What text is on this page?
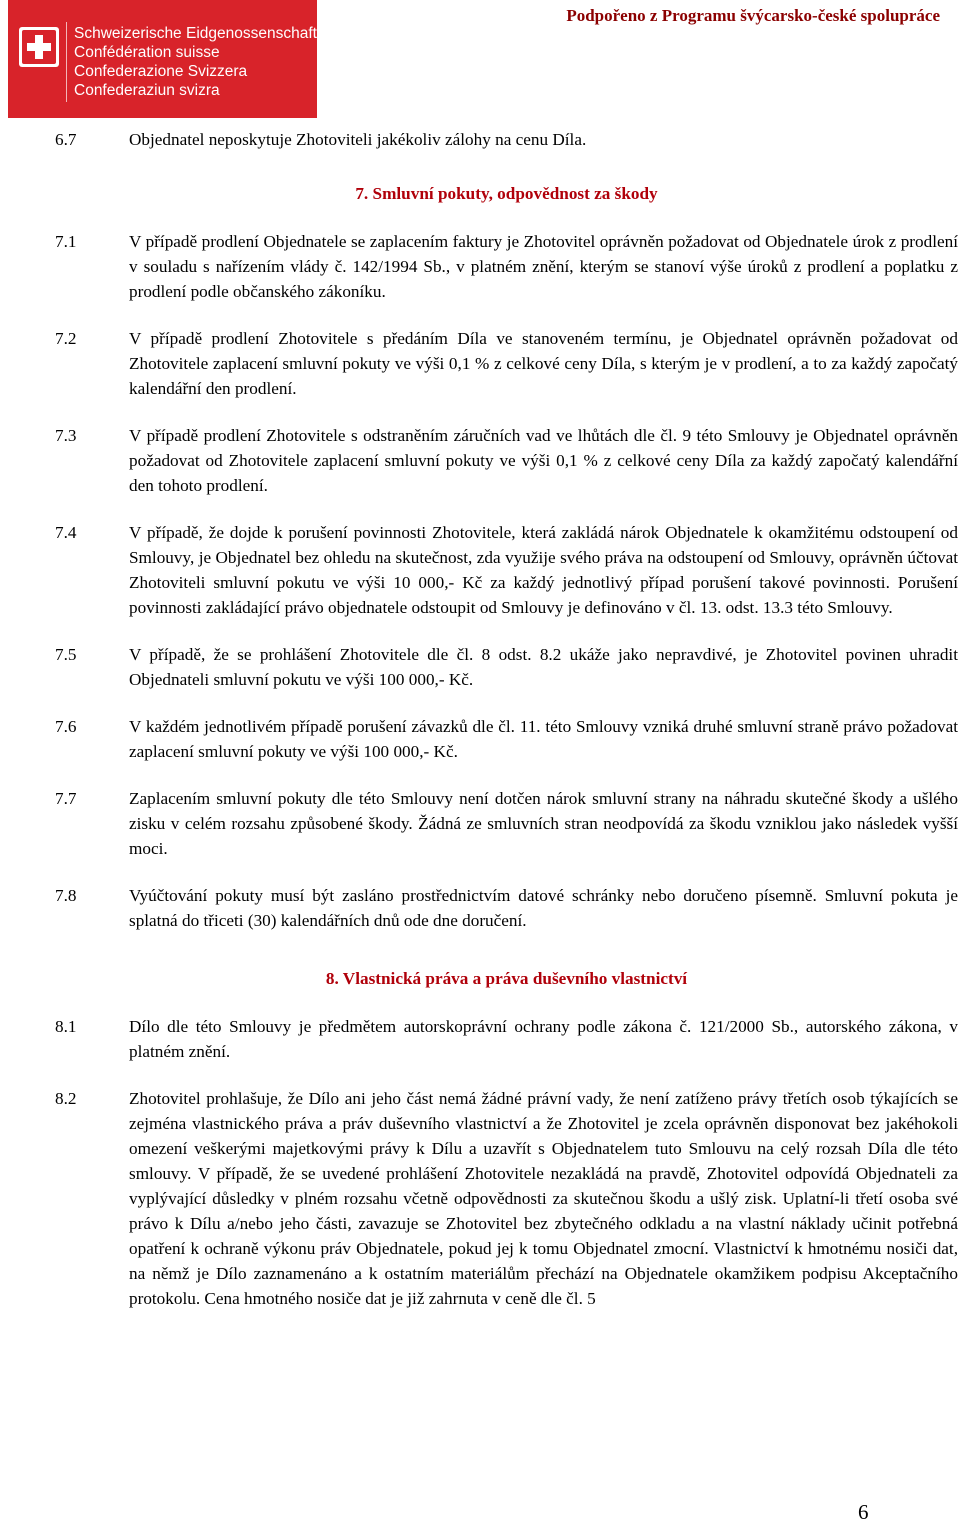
Schweizerische Eidgenossenschaft
Confédération suisse
Confederazione Svizzera
Confederaziun svizra
Podpořeno z Programu švýcarsko-české spolupráce
6.7	Objednatel neposkytuje Zhotoviteli jakékoliv zálohy na cenu Díla.
7. Smluvní pokuty, odpovědnost za škody
7.1	V případě prodlení Objednatele se zaplacením faktury je Zhotovitel oprávněn požadovat od Objednatele úrok z prodlení v souladu s nařízením vlády č. 142/1994 Sb., v platném znění, kterým se stanoví výše úroků z prodlení a poplatku z prodlení podle občanského zákoníku.
7.2	V případě prodlení Zhotovitele s předáním Díla ve stanoveném termínu, je Objednatel oprávněn požadovat od Zhotovitele zaplacení smluvní pokuty ve výši 0,1 % z celkové ceny Díla, s kterým je v prodlení, a to za každý započatý kalendářní den prodlení.
7.3	V případě prodlení Zhotovitele s odstraněním záručních vad ve lhůtách dle čl. 9 této Smlouvy je Objednatel oprávněn požadovat od Zhotovitele zaplacení smluvní pokuty ve výši 0,1 % z celkové ceny Díla za každý započatý kalendářní den tohoto prodlení.
7.4	V případě, že dojde k porušení povinnosti Zhotovitele, která zakládá nárok Objednatele k okamžitému odstoupení od Smlouvy, je Objednatel bez ohledu na skutečnost, zda využije svého práva na odstoupení od Smlouvy, oprávněn účtovat Zhotoviteli smluvní pokutu ve výši 10 000,- Kč za každý jednotlivý případ porušení takové povinnosti. Porušení povinnosti zakládající právo objednatele odstoupit od Smlouvy je definováno v čl. 13. odst. 13.3 této Smlouvy.
7.5	V případě, že se prohlášení Zhotovitele dle čl. 8 odst. 8.2 ukáže jako nepravdivé, je Zhotovitel povinen uhradit Objednateli smluvní pokutu ve výši 100 000,- Kč.
7.6	V každém jednotlivém případě porušení závazků dle čl. 11. této Smlouvy vzniká druhé smluvní straně právo požadovat zaplacení smluvní pokuty ve výši 100 000,- Kč.
7.7	Zaplacením smluvní pokuty dle této Smlouvy není dotčen nárok smluvní strany na náhradu skutečné škody a ušlého zisku v celém rozsahu způsobené škody. Žádná ze smluvních stran neodpovídá za škodu vzniklou jako následek vyšší moci.
7.8	Vyúčtování pokuty musí být zasláno prostřednictvím datové schránky nebo doručeno písemně. Smluvní pokuta je splatná do třiceti (30) kalendářních dnů ode dne doručení.
8. Vlastnická práva a práva duševního vlastnictví
8.1	Dílo dle této Smlouvy je předmětem autorskoprávní ochrany podle zákona č. 121/2000 Sb., autorského zákona, v platném znění.
8.2	Zhotovitel prohlašuje, že Dílo ani jeho část nemá žádné právní vady, že není zatíženo právy třetích osob týkajících se zejména vlastnického práva a práv duševního vlastnictví a že Zhotovitel je zcela oprávněn disponovat bez jakéhokoli omezení veškerými majetkovými právy k Dílu a uzavřít s Objednatelem tuto Smlouvu na celý rozsah Díla dle této smlouvy. V případě, že se uvedené prohlášení Zhotovitele nezakládá na pravdě, Zhotovitel odpovídá Objednateli za vyplývající důsledky v plném rozsahu včetně odpovědnosti za skutečnou škodu a ušlý zisk. Uplatní-li třetí osoba své právo k Dílu a/nebo jeho části, zavazuje se Zhotovitel bez zbytečného odkladu a na vlastní náklady učinit potřebná opatření k ochraně výkonu práv Objednatele, pokud jej k tomu Objednatel zmocní. Vlastnictví k hmotnému nosiči dat, na němž je Dílo zaznamenáno a k ostatním materiálům přechází na Objednatele okamžikem podpisu Akceptačního protokolu. Cena hmotného nosiče dat je již zahrnuta v ceně dle čl. 5
6
